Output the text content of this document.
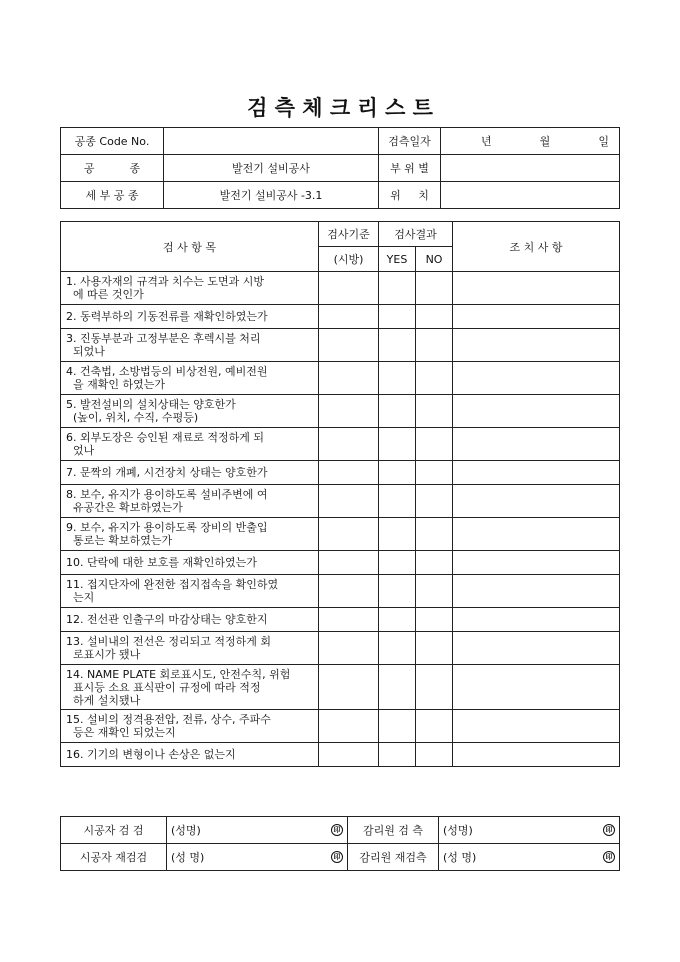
검 측 체 크 리 스 트
공종 Code No.		검측일자	년 월 일

공          종	발전기 설비공사	부 위 별	
세 부 공 종	발전기 설비공사 -3.1	위     치	
검 사 항 목	검사기준	검사결과		조 치 사 항
	(시방)	YES	NO	

1. 사용자재의 규격과 치수는 도면과 시방
에 따른 것인가				

2. 동력부하의 기동전류를 재확인하였는가				

3. 진동부분과 고정부분은 후렉시블 처리
되었나				

4. 건축법, 소방법등의 비상전원, 예비전원
을 재확인 하였는가				

5. 발전설비의 설치상태는 양호한가
(높이, 위치, 수직, 수평등)				

6. 외부도장은 승인된 재료로 적정하게 되
었나				

7. 문짝의 개폐, 시건장치 상태는 양호한가				

8. 보수, 유지가 용이하도록 설비주변에 여
유공간은 확보하였는가				

9. 보수, 유지가 용이하도록 장비의 반출입
통로는 확보하였는가				

10. 단락에 대한 보호를 재확인하였는가				

11. 접지단자에 완전한 접지접속을 확인하였
는지				

12. 전선관 인출구의 마감상태는 양호한지				

13. 설비내의 전선은 정리되고 적정하게 회
로표시가 됐나				

14. NAME PLATE 회로표시도, 안전수칙, 위험
표시등 소요 표식판이 규정에 따라 적정
하게 설치됐나				

15. 설비의 정격용전압, 전류, 상수, 주파수
등은 재확인 되었는지				

16. 기기의 변형이나 손상은 없는지				

시공자 검 검	(성명) 印	감리원 검 측	(성명) 印

시공자 재검검	(성 명) 印	감리원 재검측	(성 명) 印
